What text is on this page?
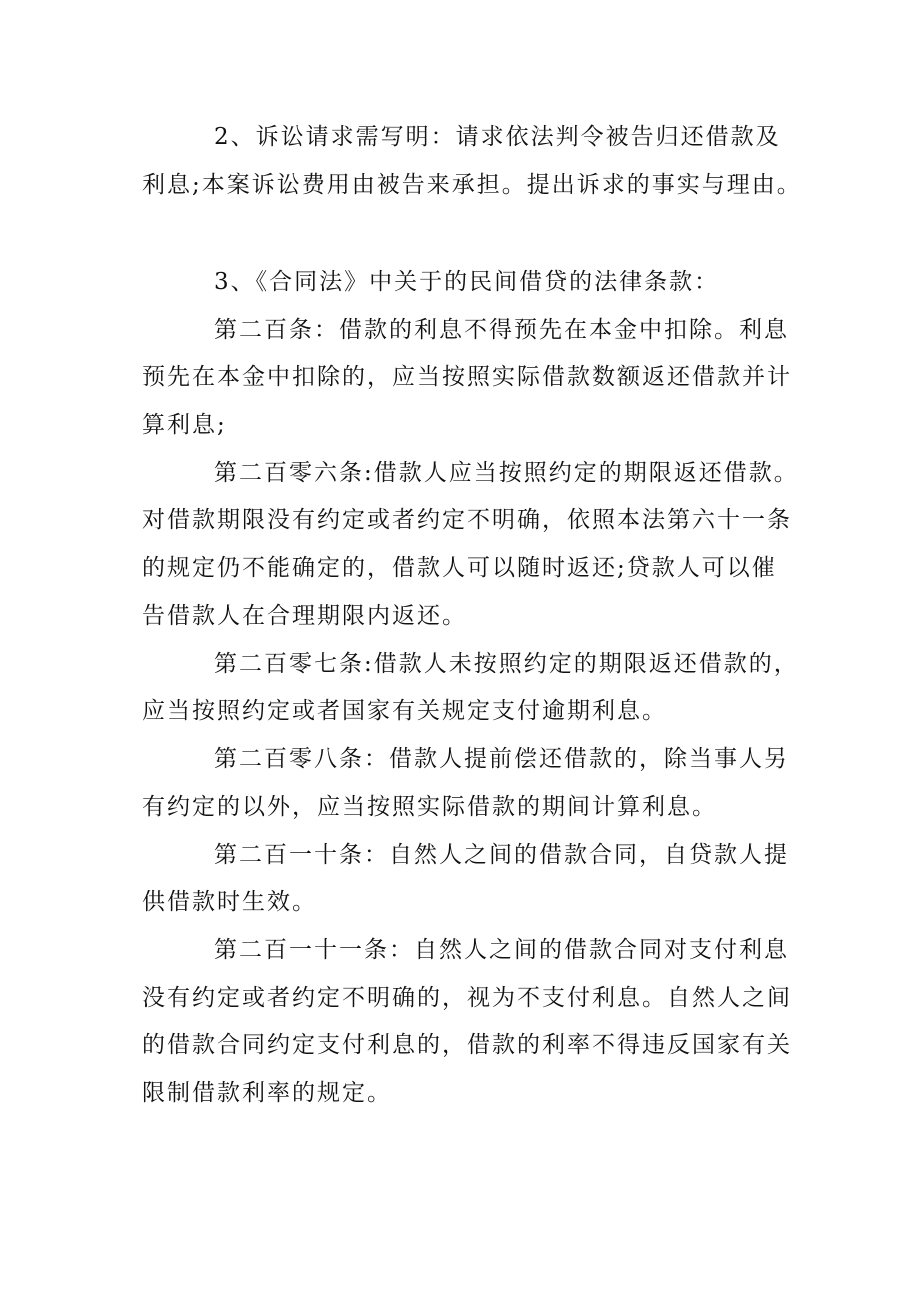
2、诉讼请求需写明：请求依法判令被告归还借款及

利息;本案诉讼费用由被告来承担。提出诉求的事实与理由。

3、《合同法》中关于的民间借贷的法律条款：

第二百条：借款的利息不得预先在本金中扣除。利息

预先在本金中扣除的，应当按照实际借款数额返还借款并计

算利息;

第二百零六条:借款人应当按照约定的期限返还借款。

对借款期限没有约定或者约定不明确，依照本法第六十一条

的规定仍不能确定的，借款人可以随时返还;贷款人可以催

告借款人在合理期限内返还。

第二百零七条:借款人未按照约定的期限返还借款的，

应当按照约定或者国家有关规定支付逾期利息。

第二百零八条：借款人提前偿还借款的，除当事人另

有约定的以外，应当按照实际借款的期间计算利息。

第二百一十条：自然人之间的借款合同，自贷款人提

供借款时生效。

第二百一十一条：自然人之间的借款合同对支付利息

没有约定或者约定不明确的，视为不支付利息。自然人之间

的借款合同约定支付利息的，借款的利率不得违反国家有关

限制借款利率的规定。
